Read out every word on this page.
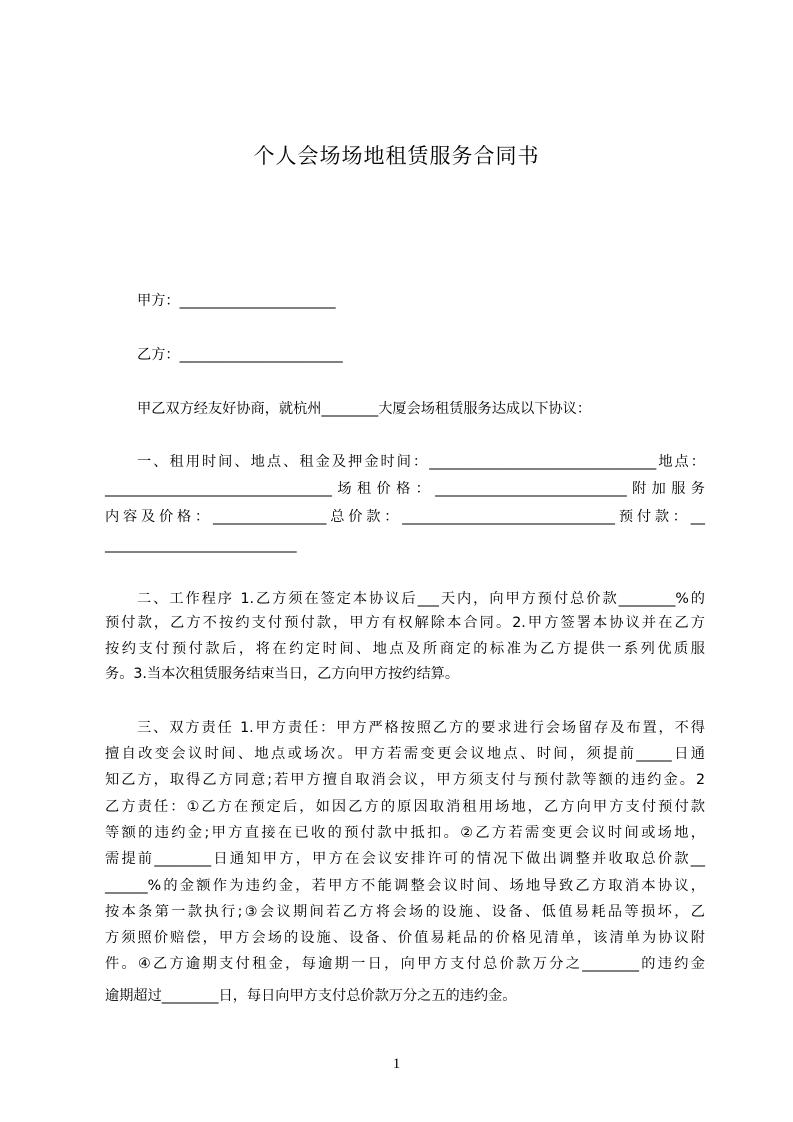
个人会场场地租赁服务合同书
甲方：______________________
乙方：_______________________
甲乙双方经友好协商，就杭州________大厦会场租赁服务达成以下协议：
一、租用时间、地点、租金及押金时间：________________________________地点：
________________________________场租价格：___________________________附加服务
内容及价格：________________总价款：______________________________预付款：__
___________________________
二、工作程序 1.乙方须在签定本协议后___天内，向甲方预付总价款________%的
预付款，乙方不按约支付预付款，甲方有权解除本合同。2.甲方签署本协议并在乙方
按约支付预付款后，将在约定时间、地点及所商定的标准为乙方提供一系列优质服
务。3.当本次租赁服务结束当日，乙方向甲方按约结算。
三、双方责任 1.甲方责任：甲方严格按照乙方的要求进行会场留存及布置，不得
擅自改变会议时间、地点或场次。甲方若需变更会议地点、时间，须提前_____日通
知乙方，取得乙方同意;若甲方擅自取消会议，甲方须支付与预付款等额的违约金。2
乙方责任：①乙方在预定后，如因乙方的原因取消租用场地，乙方向甲方支付预付款
等额的违约金;甲方直接在已收的预付款中抵扣。②乙方若需变更会议时间或场地，
需提前________日通知甲方，甲方在会议安排许可的情况下做出调整并收取总价款__
______%的金额作为违约金，若甲方不能调整会议时间、场地导致乙方取消本协议，
按本条第一款执行;③会议期间若乙方将会场的设施、设备、低值易耗品等损坏，乙
方须照价赔偿，甲方会场的设施、设备、价值易耗品的价格见清单，该清单为协议附
件。④乙方逾期支付租金，每逾期一日，向甲方支付总价款万分之________的违约金
逾期超过________日，每日向甲方支付总价款万分之五的违约金。
1
